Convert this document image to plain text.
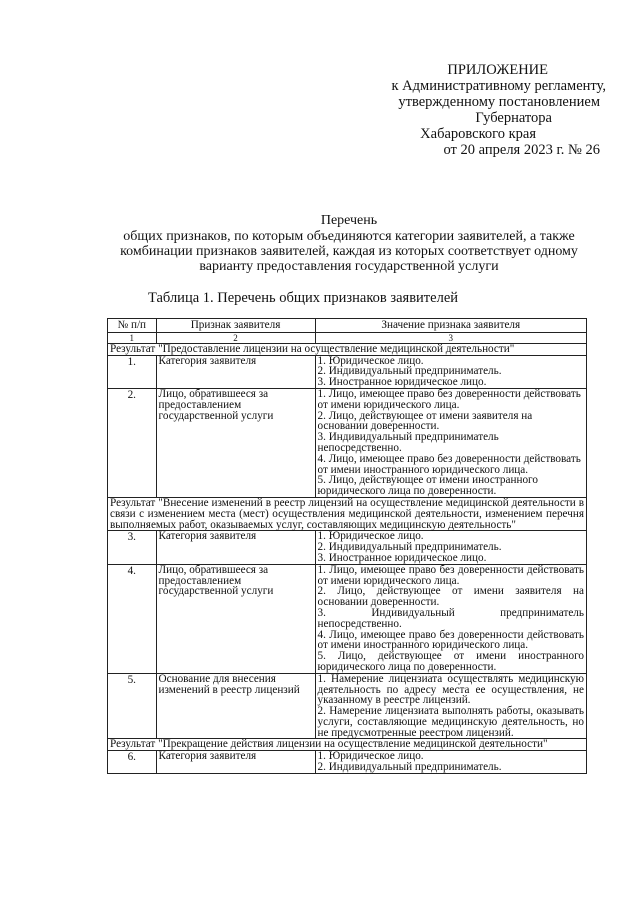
ПРИЛОЖЕНИЕ
к Административному регламенту,
утвержденному постановлением
Губернатора
Хабаровского края
от 20 апреля 2023 г. № 26
Перечень
общих признаков, по которым объединяются категории заявителей, а также комбинации признаков заявителей, каждая из которых соответствует одному варианту предоставления государственной услуги
Таблица 1. Перечень общих признаков заявителей
№ п/п	Признак заявителя	Значение признака заявителя
1	2	3
Результат "Предоставление лицензии на осуществление медицинской деятельности"		
1.	Категория заявителя	1. Юридическое лицо.
2. Индивидуальный предприниматель.
3. Иностранное юридическое лицо.

2.	Лицо, обратившееся за предоставлением государственной услуги	1. Лицо, имеющее право без доверенности действовать от имени юридического лица.
2. Лицо, действующее от имени заявителя на основании доверенности.
3. Индивидуальный предприниматель непосредственно.
4. Лицо, имеющее право без доверенности действовать от имени иностранного юридического лица.
5. Лицо, действующее от имени иностранного юридического лица по доверенности.

Результат "Внесение изменений в реестр лицензий на осуществление медицинской деятельности в связи с изменением места (мест) осуществления медицинской деятельности, изменением перечня выполняемых работ, оказываемых услуг, составляющих медицинскую деятельность"		
3.	Категория заявителя	1. Юридическое лицо.
2. Индивидуальный предприниматель.
3. Иностранное юридическое лицо.

4.	Лицо, обратившееся за предоставлением государственной услуги	1. Лицо, имеющее право без доверенности действовать от имени юридического лица.
2. Лицо, действующее от имени заявителя на основании доверенности.
3. Индивидуальный предприниматель непосредственно.
4. Лицо, имеющее право без доверенности действовать от имени иностранного юридического лица.
5. Лицо, действующее от имени иностранного юридического лица по доверенности.

5.	Основание для внесения изменений в реестр лицензий	1. Намерение лицензиата осуществлять медицинскую деятельность по адресу места ее осуществления, не указанному в реестре лицензий.
2. Намерение лицензиата выполнять работы, оказывать услуги, составляющие медицинскую деятельность, но не предусмотренные реестром лицензий.

Результат "Прекращение действия лицензии на осуществление медицинской деятельности"		
6.	Категория заявителя	1. Юридическое лицо.
2. Индивидуальный предприниматель.
